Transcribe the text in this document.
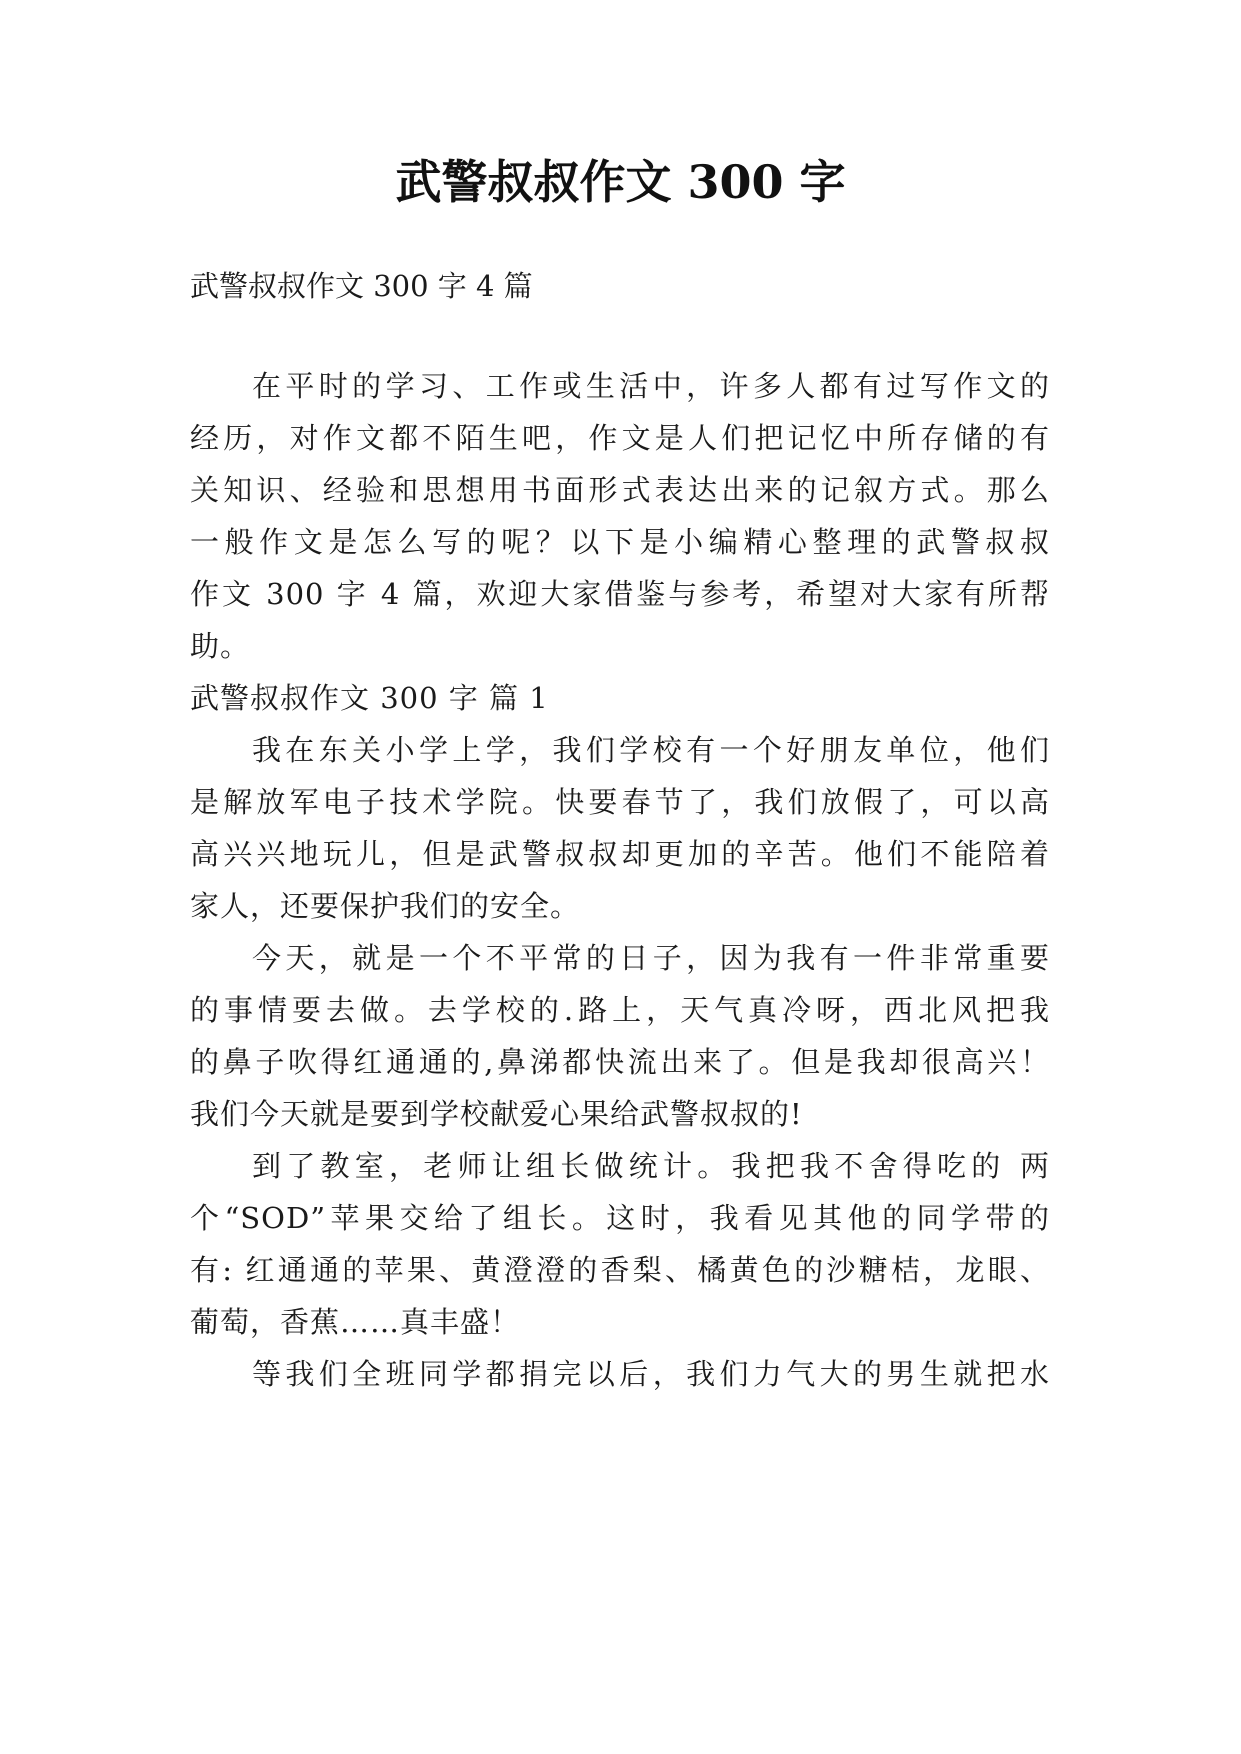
武警叔叔作文 300 字

武警叔叔作文 300 字 4 篇

在平时的学习、工作或生活中，许多人都有过写作文的

经历，对作文都不陌生吧，作文是人们把记忆中所存储的有

关知识、经验和思想用书面形式表达出来的记叙方式。那么

一般作文是怎么写的呢？以下是小编精心整理的武警叔叔

作文 300 字 4 篇，欢迎大家借鉴与参考，希望对大家有所帮

助。

武警叔叔作文 300 字 篇 1

我在东关小学上学，我们学校有一个好朋友单位，他们

是解放军电子技术学院。快要春节了，我们放假了，可以高

高兴兴地玩儿，但是武警叔叔却更加的辛苦。他们不能陪着

家人，还要保护我们的安全。

今天，就是一个不平常的日子，因为我有一件非常重要

的事情要去做。去学校的.路上，天气真冷呀，西北风把我

的鼻子吹得红通通的,鼻涕都快流出来了。但是我却很高兴！

我们今天就是要到学校献爱心果给武警叔叔的!

到了教室，老师让组长做统计。我把我不舍得吃的 两

个“SOD”苹果交给了组长。这时，我看见其他的同学带的

有: 红通通的苹果、黄澄澄的香梨、橘黄色的沙糖桔，龙眼、

葡萄，香蕉……真丰盛！

等我们全班同学都捐完以后，我们力气大的男生就把水
